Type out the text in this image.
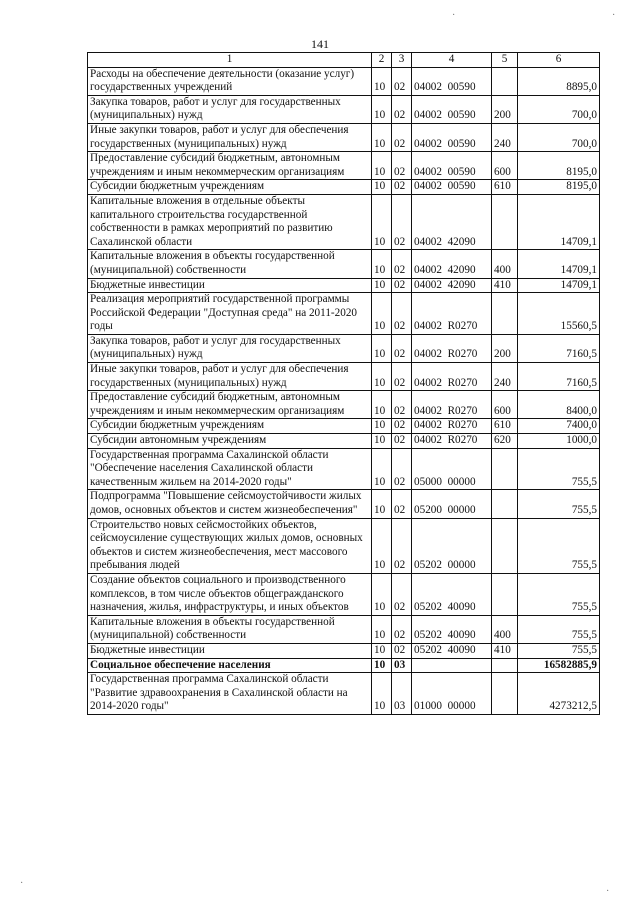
141
1	2	3	4	5	6
Расходы на обеспечение деятельности (оказание услуг) государственных учреждений	10	02	04002  00590		8895,0
Закупка товаров, работ и услуг для государственных (муниципальных) нужд	10	02	04002  00590	200	700,0
Иные закупки товаров, работ и услуг для обеспечения государственных (муниципальных) нужд	10	02	04002  00590	240	700,0
Предоставление субсидий бюджетным, автономным учреждениям и иным некоммерческим организациям	10	02	04002  00590	600	8195,0
Субсидии бюджетным учреждениям	10	02	04002  00590	610	8195,0
Капитальные вложения в отдельные объекты капитального строительства государственной собственности в рамках мероприятий по развитию Сахалинской области	10	02	04002  42090		14709,1
Капитальные вложения в объекты государственной (муниципальной) собственности	10	02	04002  42090	400	14709,1
Бюджетные инвестиции	10	02	04002  42090	410	14709,1
Реализация мероприятий государственной программы Российской Федерации "Доступная среда" на 2011-2020 годы	10	02	04002  R0270		15560,5
Закупка товаров, работ и услуг для государственных (муниципальных) нужд	10	02	04002  R0270	200	7160,5
Иные закупки товаров, работ и услуг для обеспечения государственных (муниципальных) нужд	10	02	04002  R0270	240	7160,5
Предоставление субсидий бюджетным, автономным учреждениям и иным некоммерческим организациям	10	02	04002  R0270	600	8400,0
Субсидии бюджетным учреждениям	10	02	04002  R0270	610	7400,0
Субсидии автономным учреждениям	10	02	04002  R0270	620	1000,0
Государственная программа Сахалинской области "Обеспечение населения Сахалинской области качественным жильем на 2014-2020 годы"	10	02	05000  00000		755,5
Подпрограмма "Повышение сейсмоустойчивости жилых домов, основных объектов и систем жизнеобеспечения"	10	02	05200  00000		755,5
Строительство новых сейсмостойких объектов, сейсмоусиление существующих жилых домов, основных объектов и систем жизнеобеспечения, мест массового пребывания людей	10	02	05202  00000		755,5
Создание объектов социального и производственного комплексов, в том числе объектов общегражданского назначения, жилья, инфраструктуры, и иных объектов	10	02	05202  40090		755,5
Капитальные вложения в объекты государственной (муниципальной) собственности	10	02	05202  40090	400	755,5
Бюджетные инвестиции	10	02	05202  40090	410	755,5
Социальное обеспечение населения	10	03			16582885,9
Государственная программа Сахалинской области "Развитие здравоохранения в Сахалинской области на 2014-2020 годы"	10	03	01000  00000		4273212,5
·
·
·
·
